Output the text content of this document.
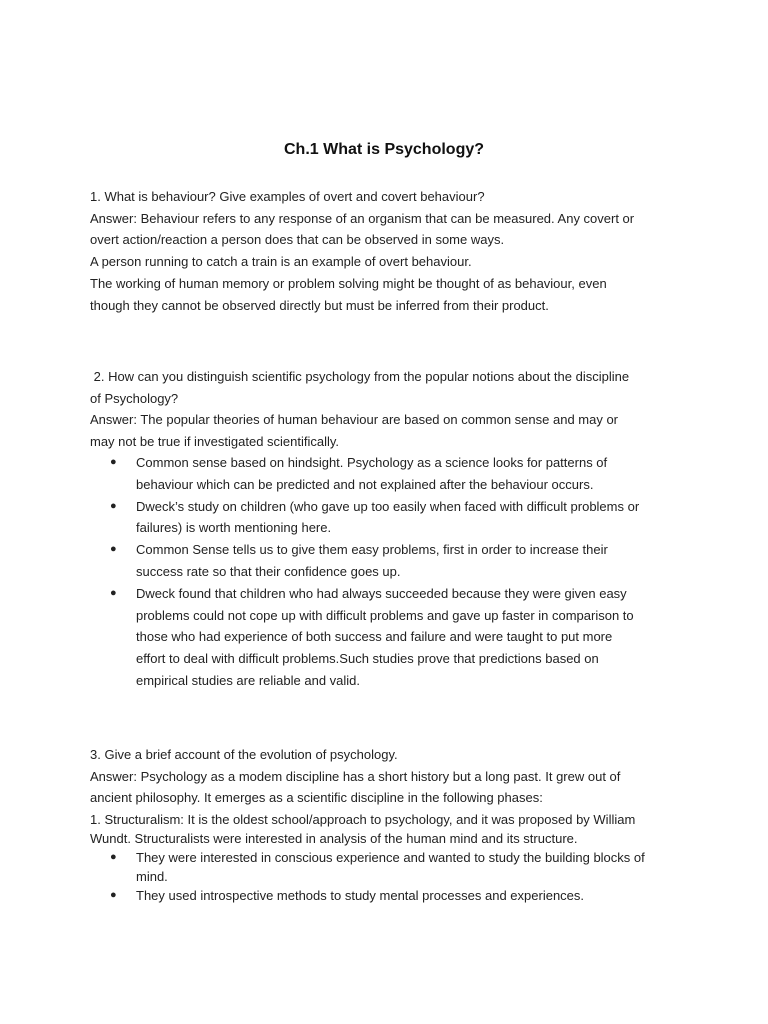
Ch.1 What is Psychology?
1. What is behaviour? Give examples of overt and covert behaviour?
Answer: Behaviour refers to any response of an organism that can be measured. Any covert or
overt action/reaction a person does that can be observed in some ways.
A person running to catch a train is an example of overt behaviour.
The working of human memory or problem solving might be thought of as behaviour, even
though they cannot be observed directly but must be inferred from their product.
2. How can you distinguish scientific psychology from the popular notions about the discipline
of Psychology?
Answer: The popular theories of human behaviour are based on common sense and may or
may not be true if investigated scientifically.
● Common sense based on hindsight. Psychology as a science looks for patterns of
behaviour which can be predicted and not explained after the behaviour occurs.
● Dweck’s study on children (who gave up too easily when faced with difficult problems or
failures) is worth mentioning here.
● Common Sense tells us to give them easy problems, first in order to increase their
success rate so that their confidence goes up.
● Dweck found that children who had always succeeded because they were given easy
problems could not cope up with difficult problems and gave up faster in comparison to
those who had experience of both success and failure and were taught to put more
effort to deal with difficult problems.Such studies prove that predictions based on
empirical studies are reliable and valid.
3. Give a brief account of the evolution of psychology.
Answer: Psychology as a modem discipline has a short history but a long past. It grew out of
ancient philosophy. It emerges as a scientific discipline in the following phases:
1. Structuralism: It is the oldest school/approach to psychology, and it was proposed by William
Wundt. Structuralists were interested in analysis of the human mind and its structure.
● They were interested in conscious experience and wanted to study the building blocks of
mind.
● They used introspective methods to study mental processes and experiences.
